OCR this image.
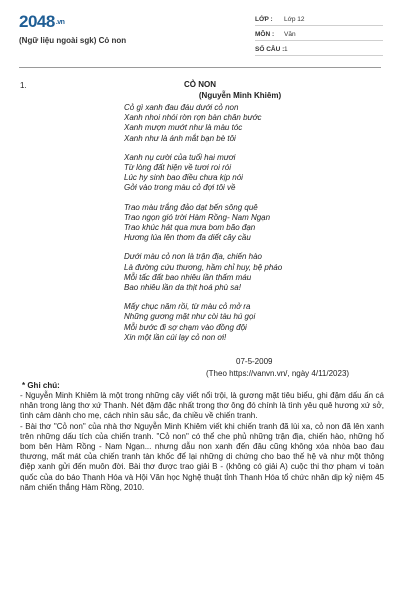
2048.vn
(Ngữ liệu ngoài sgk) Cỏ non
LỚP : Lớp 12
MÔN : Văn
SỐ CÂU : 1
1.	CỎ NON
(Nguyễn Minh Khiêm)
Cỏ gì xanh đau đáu dưới cỏ non
Xanh nhoi nhói rờn rợn bàn chân bước
Xanh mượn mướt như là màu tóc
Xanh như là ánh mắt bạn bè tôi
Xanh nụ cười của tuổi hai mươi
Từ lòng đất hiện về tươi roi rói
Lúc hy sinh bao điều chưa kịp nói
Gởi vào trong màu cỏ đợi tôi về
Trao màu trắng đảo dạt bến sông quê
Trao ngọn gió trời Hàm Rồng- Nam Ngạn
Trao khúc hát qua mưa bom bão đạn
Hương lúa lên thơm đa diết cây cầu
Dưới màu cỏ non là trận địa, chiến hào
Là đường cứu thương, hầm chỉ huy, bệ pháo
Mỗi tấc đất bao nhiêu lần thấm máu
Bao nhiêu lần da thịt hoá phù sa!
Mấy chục năm rồi, từ màu cỏ mở ra
Những gương mặt như còi tàu hú gọi
Mỗi bước đi sợ chạm vào đồng đội
Xin một lần cúi lạy cỏ non ơi!
07-5-2009
(Theo https://vanvn.vn/, ngày 4/11/2023)
* Ghi chú:

- Nguyễn Minh Khiêm là một trong những cây viết nổi trội, là gương mặt tiêu biểu, ghi đậm dấu ấn cá nhân trong làng thơ xứ Thanh. Nét đậm đặc nhất trong thơ ông đó chính là tình yêu quê hương xứ sở, tình cảm dành cho mẹ, cách nhìn sâu sắc, đa chiều về chiến tranh.

- Bài thơ "Cỏ non" của nhà thơ Nguyễn Minh Khiêm viết khi chiến tranh đã lùi xa, cỏ non đã lên xanh trên những dấu tích của chiến tranh. "Cỏ non" có thể che phủ những trận địa, chiến hào, những hố bom bên Hàm Rồng - Nam Ngạn... nhưng dẫu non xanh đến đâu cũng không xóa nhòa bao đau thương, mất mát của chiến tranh tàn khốc để lại những di chứng cho bao thế hệ và như một thông điệp xanh gửi đến muôn đời. Bài thơ được trao giải B - (không có giải A) cuộc thi thơ phạm vi toàn quốc của do báo Thanh Hóa và Hội Văn học Nghệ thuật tỉnh Thanh Hóa tổ chức nhân dịp kỷ niệm 45 năm chiến thắng Hàm Rồng, 2010.
